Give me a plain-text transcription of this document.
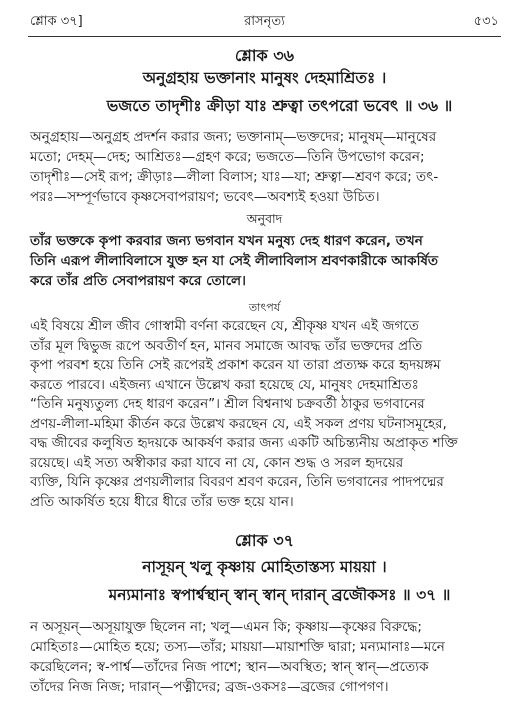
শ্লোক ৩৭]	রাসনৃত্য	৫৩১
শ্লোক ৩৬
অনুগ্রহায় ভক্তানাং মানুষং দেহমাশ্রিতঃ ।
ভজতে তাদৃশীঃ ক্রীড়া যাঃ শ্রুত্বা তৎপরো ভবেৎ ॥ ৩৬ ॥
অনুগ্রহায়—অনুগ্রহ প্রদর্শন করার জন্য; ভক্তানাম্‌—ভক্তদের; মানুষম্‌—মানুষের
মতো; দেহম্‌—দেহ; আশ্রিতঃ—গ্রহণ করে; ভজতে—তিনি উপভোগ করেন;
তাদৃশীঃ—সেই রূপ; ক্রীড়াঃ—লীলা বিলাস; যাঃ—যা; শ্রুত্বা—শ্রবণ করে; তৎ-
পরঃ—সম্পূর্ণভাবে কৃষ্ণসেবাপরায়ণ; ভবেৎ—অবশ্যই হওয়া উচিত।
অনুবাদ
তাঁর ভক্তকে কৃপা করবার জন্য ভগবান যখন মনুষ্য দেহ ধারণ করেন, তখন
তিনি এরূপ লীলাবিলাসে যুক্ত হন যা সেই লীলাবিলাস শ্রবণকারীকে আকর্ষিত
করে তাঁর প্রতি সেবাপরায়ণ করে তোলে।
তাৎপর্য
এই বিষয়ে শ্রীল জীব গোস্বামী বর্ণনা করেছেন যে, শ্রীকৃষ্ণ যখন এই জগতে
তাঁর মূল দ্বিভুজ রূপে অবতীর্ণ হন, মানব সমাজে আবদ্ধ তাঁর ভক্তদের প্রতি
কৃপা পরবশ হয়ে তিনি সেই রূপেরই প্রকাশ করেন যা তারা প্রত্যক্ষ করে হৃদয়ঙ্গম
করতে পারবে। এইজন্য এখানে উল্লেখ করা হয়েছে যে, মানুষং দেহমাশ্রিতঃ
“তিনি মনুষ্যতুল্য দেহ ধারণ করেন”। শ্রীল বিশ্বনাথ চক্রবর্তী ঠাকুর ভগবানের
প্রণয়-লীলা-মহিমা কীর্তন করে উল্লেখ করছেন যে, এই সকল প্রণয় ঘটনাসমূহের,
বদ্ধ জীবের কলুষিত হৃদয়কে আকর্ষণ করার জন্য একটি অচিন্ত্যনীয় অপ্রাকৃত শক্তি
রয়েছে। এই সত্য অস্বীকার করা যাবে না যে, কোন শুদ্ধ ও সরল হৃদয়ের
ব্যক্তি, যিনি কৃষ্ণের প্রণয়লীলার বিবরণ শ্রবণ করেন, তিনি ভগবানের পাদপদ্মের
প্রতি আকর্ষিত হয়ে ধীরে ধীরে তাঁর ভক্ত হয়ে যান।
শ্লোক ৩৭
নাসূয়ন্ খলু কৃষ্ণায় মোহিতাস্তস্য মায়য়া ।
মন্যমানাঃ স্বপার্শ্বস্থান্ স্বান্ স্বান্ দারান্ ব্রজৌকসঃ ॥ ৩৭ ॥
ন অসূয়ন্—অসূয়াযুক্ত ছিলেন না; খলু—এমন কি; কৃষ্ণায়—কৃষ্ণের বিরুদ্ধে;
মোহিতাঃ—মোহিত হয়ে; তস্য—তাঁর; মায়য়া—মায়াশক্তি দ্বারা; মন্যমানাঃ—মনে
করেছিলেন; স্ব-পার্শ্ব—তাঁদের নিজ পাশে; স্থান—অবস্থিত; স্বান্ স্বান্—প্রত্যেক
তাঁদের নিজ নিজ; দারান্—পত্নীদের; ব্রজ-ওকসঃ—ব্রজের গোপগণ।
